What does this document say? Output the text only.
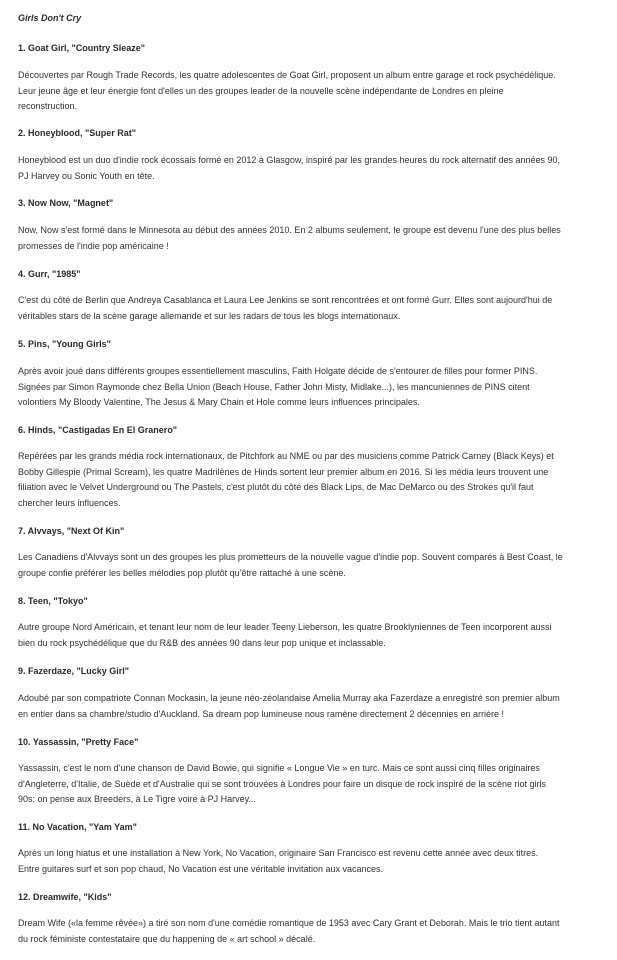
Girls Don't Cry
1. Goat Girl, "Country Sleaze"
Découvertes par Rough Trade Records, les quatre adolescentes de Goat Girl, proposent un album entre garage et rock psychédélique.
Leur jeune âge et leur énergie font d'elles un des groupes leader de la nouvelle scène indépendante de Londres en pleine
reconstruction.
2. Honeyblood, "Super Rat"
Honeyblood est un duo d'indie rock écossais formé en 2012 à Glasgow, inspiré par les grandes heures du rock alternatif des années 90,
PJ Harvey ou Sonic Youth en tête.
3. Now Now, "Magnet"
Now, Now s'est formé dans le Minnesota au début des années 2010. En 2 albums seulement, le groupe est devenu l'une des plus belles
promesses de l'indie pop américaine !
4. Gurr, "1985"
C'est du côté de Berlin que Andreya Casablanca et Laura Lee Jenkins se sont rencontrées et ont formé Gurr. Elles sont aujourd'hui de
véritables stars de la scène garage allemande et sur les radars de tous les blogs internationaux.
5. Pins, "Young Girls"
Après avoir joué dans différents groupes essentiellement masculins, Faith Holgate décide de s'entourer de filles pour former PINS.
Signées par Simon Raymonde chez Bella Union (Beach House, Father John Misty, Midlake...), les mancuniennes de PINS citent
volontiers My Bloody Valentine, The Jesus & Mary Chain et Hole comme leurs influences principales.
6. Hinds, "Castigadas En El Granero"
Repérées par les grands média rock internationaux, de Pitchfork au NME ou par des musiciens comme Patrick Carney (Black Keys) et
Bobby Gillespie (Primal Scream), les quatre Madrilènes de Hinds sortent leur premier album en 2016. Si les média leurs trouvent une
filiation avec le Velvet Underground ou The Pastels, c'est plutôt du côté des Black Lips, de Mac DeMarco ou des Strokes qu'il faut
chercher leurs influences.
7. Alvvays, "Next Of Kin"
Les Canadiens d'Alvvays sont un des groupes les plus prometteurs de la nouvelle vague d'indie pop. Souvent comparés à Best Coast, le
groupe confie préférer les belles mélodies pop plutôt qu'être rattaché à une scène.
8. Teen, "Tokyo"
Autre groupe Nord Américain, et tenant leur nom de leur leader Teeny Lieberson, les quatre Brooklyniennes de Teen incorporent aussi
bien du rock psychédélique que du R&B des années 90 dans leur pop unique et inclassable.
9. Fazerdaze, "Lucky Girl"
Adoubé par son compatriote Connan Mockasin, la jeune néo-zéolandaise Amelia Murray aka Fazerdaze a enregistré son premier album
en entier dans sa chambre/studio d'Auckland. Sa dream pop lumineuse nous ramène directement 2 décennies en arrière !
10. Yassassin, "Pretty Face"
Yassassin, c'est le nom d'une chanson de David Bowie, qui signifie « Longue Vie » en turc. Mais ce sont aussi cinq filles originaires
d'Angleterre, d'Italie, de Suède et d'Australie qui se sont trouvées à Londres pour faire un disque de rock inspiré de la scène riot girls
90s: on pense aux Breeders, à Le Tigre voire à PJ Harvey...
11. No Vacation, "Yam Yam"
Après un long hiatus et une installation à New York, No Vacation, originaire San Francisco est revenu cette année avec deux titres.
Entre guitares surf et son pop chaud, No Vacation est une véritable invitation aux vacances.
12. Dreamwife, "Kids"
Dream Wife («la femme rêvée») a tiré son nom d'une comédie romantique de 1953 avec Cary Grant et Deborah. Mais le trio tient autant
du rock féministe contestataire que du happening de « art school » décalé.
